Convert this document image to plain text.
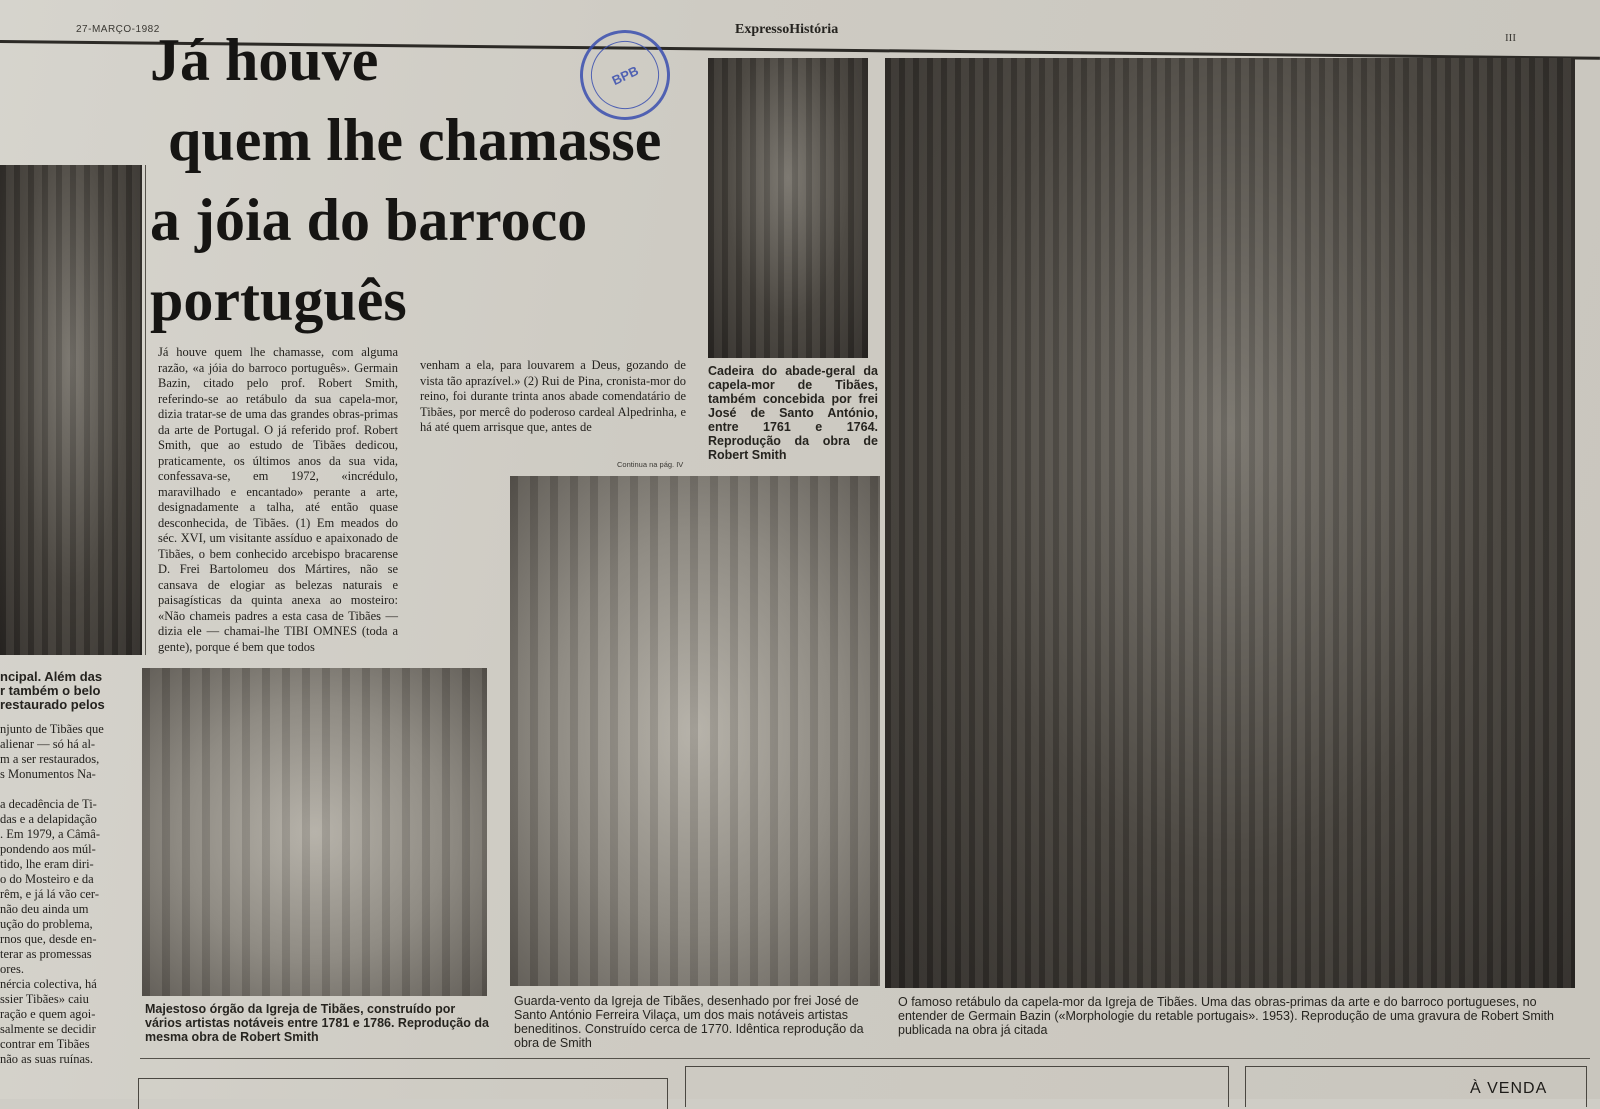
27-MARÇO-1982	ExpressoHistória
III
ncipal. Além das
r também o belo
restaurado pelos
njunto de Tibães que
alienar — só há al-
m a ser restaurados,
s Monumentos Na-
a decadência de Ti-
das e a delapidação
. Em 1979, a Câmâ-
pondendo aos múl-
tido, lhe eram diri-
o do Mosteiro e da
rêm, e já lá vão cer-
não deu ainda um
ução do problema,
rnos que, desde en-
terar as promessas
ores.
nércia colectiva, há
ssier Tibães» caiu
ração e quem agoi-
salmente se decidir
contrar em Tibães
não as suas ruínas.
BPB
Já houve
quem lhe chamasse
a jóia do barroco
português
Já houve quem lhe chamasse, com alguma razão, «a jóia do barroco português». Germain Bazin, citado pelo prof. Robert Smith, referindo-se ao retábulo da sua capela-mor, dizia tratar-se de uma das grandes obras-primas da arte de Portugal. O já referido prof. Robert Smith, que ao estudo de Tibães dedicou, praticamente, os últimos anos da sua vida, confessava-se, em 1972, «incrédulo, maravilhado e encantado» perante a arte, designadamente a talha, até então quase desconhecida, de Tibães. (1) Em meados do séc. XVI, um visitante assíduo e apaixonado de Tibães, o bem conhecido arcebispo bracarense D. Frei Bartolomeu dos Mártires, não se cansava de elogiar as belezas naturais e paisagísticas da quinta anexa ao mosteiro: «Não chameis padres a esta casa de Tibães — dizia ele — chamai-lhe TIBI OMNES (toda a gente), porque é bem que todos
venham a ela, para louvarem a Deus, gozando de vista tão aprazível.» (2) Rui de Pina, cronista-mor do reino, foi durante trinta anos abade comendatário de Tibães, por mercê do poderoso cardeal Alpedrinha, e há até quem arrisque que, antes de
Continua na pág. IV
Cadeira do abade-geral da capela-mor de Tibães, também concebida por frei José de Santo António, entre 1761 e 1764. Reprodução da obra de Robert Smith
O famoso retábulo da capela-mor da Igreja de Tibães. Uma das obras-primas da arte e do barroco portugueses, no entender de Germain Bazin («Morphologie du retable portugais». 1953). Reprodução de uma gravura de Robert Smith publicada na obra já citada
Majestoso órgão da Igreja de Tibães, construído por vários artistas notáveis entre 1781 e 1786. Reprodução da mesma obra de Robert Smith
Guarda-vento da Igreja de Tibães, desenhado por frei José de Santo António Ferreira Vilaça, um dos mais notáveis artistas beneditinos. Construído cerca de 1770. Idêntica reprodução da obra de Smith
À VENDA
